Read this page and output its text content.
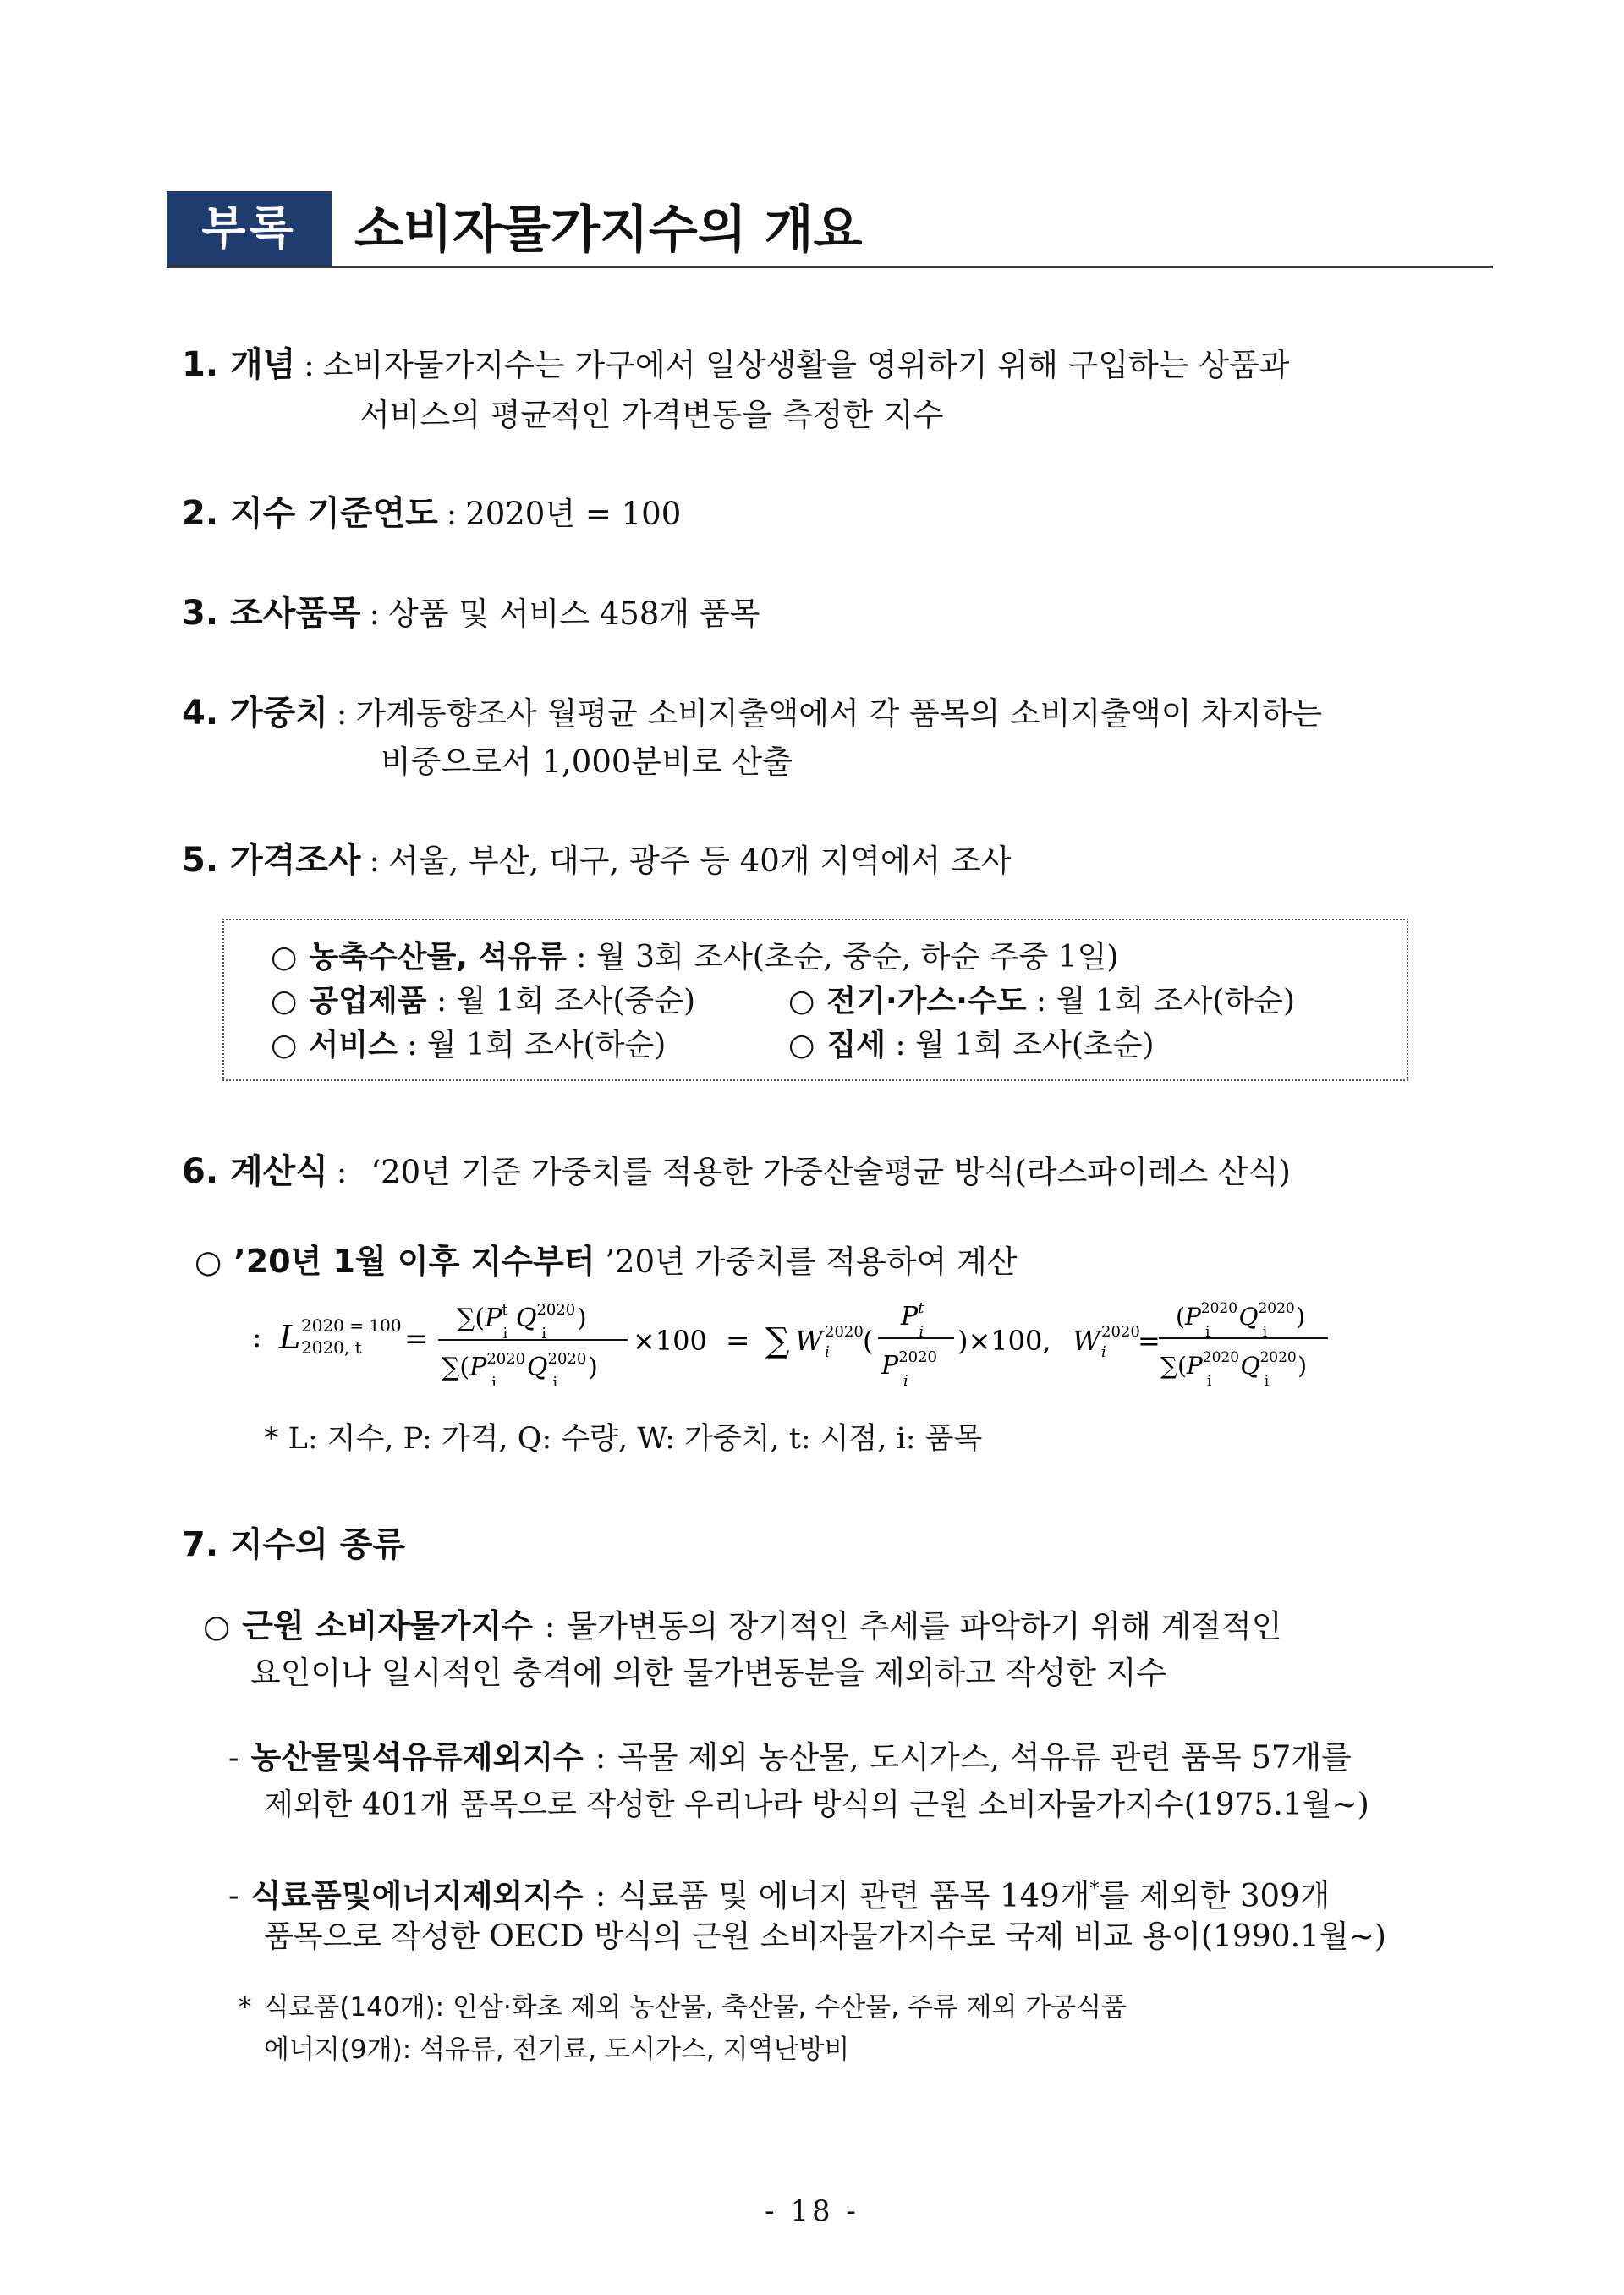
부록	소비자물가지수의 개요
1. 개념 : 소비자물가지수는 가구에서 일상생활을 영위하기 위해 구입하는 상품과
서비스의 평균적인 가격변동을 측정한 지수
2. 지수 기준연도 : 2020년 = 100
3. 조사품목 : 상품 및 서비스 458개 품목
4. 가중치 : 가계동향조사 월평균 소비지출액에서 각 품목의 소비지출액이 차지하는
비중으로서 1,000분비로 산출
5. 가격조사 : 서울, 부산, 대구, 광주 등 40개 지역에서 조사
○ 농축수산물, 석유류 : 월 3회 조사(초순, 중순, 하순 주중 1일)
○ 공업제품 : 월 1회 조사(중순)	○ 전기·가스·수도 : 월 1회 조사(하순)
○ 서비스 : 월 1회 조사(하순)	○ 집세 : 월 1회 조사(초순)
6. 계산식 : ‘20년 기준 가중치를 적용한 가중산술평균 방식(라스파이레스 산식)
○ ’20년 1월 이후 지수부터 ’20년 가중치를 적용하여 계산
: L 2020 = 100
2020, t =
$\sum(P^t$ i $Q^{2020}$ i)
$\sum(P^{2020}$ $iQ^{2020}$ i)
×100 = ∑ W 2020
i (
$P^t$ i
$P^{2020}$ i
)×100, W 2020
i =
($P^{2020}$ $iQ^{2020}$ i)
$\sum(P^{2020}$ $iQ^{2020}$ i)
* L: 지수, P: 가격, Q: 수량, W: 가중치, t: 시점, i: 품목
7. 지수의 종류
○ 근원 소비자물가지수 : 물가변동의 장기적인 추세를 파악하기 위해 계절적인
요인이나 일시적인 충격에 의한 물가변동분을 제외하고 작성한 지수
- 농산물및석유류제외지수 : 곡물 제외 농산물, 도시가스, 석유류 관련 품목 57개를
제외한 401개 품목으로 작성한 우리나라 방식의 근원 소비자물가지수(1975.1월~)
- 식료품및에너지제외지수 : 식료품 및 에너지 관련 품목 149개*를 제외한 309개
품목으로 작성한 OECD 방식의 근원 소비자물가지수로 국제 비교 용이(1990.1월~)
* 식료품(140개): 인삼·화초 제외 농산물, 축산물, 수산물, 주류 제외 가공식품
에너지(9개): 석유류, 전기료, 도시가스, 지역난방비
- 18 -
